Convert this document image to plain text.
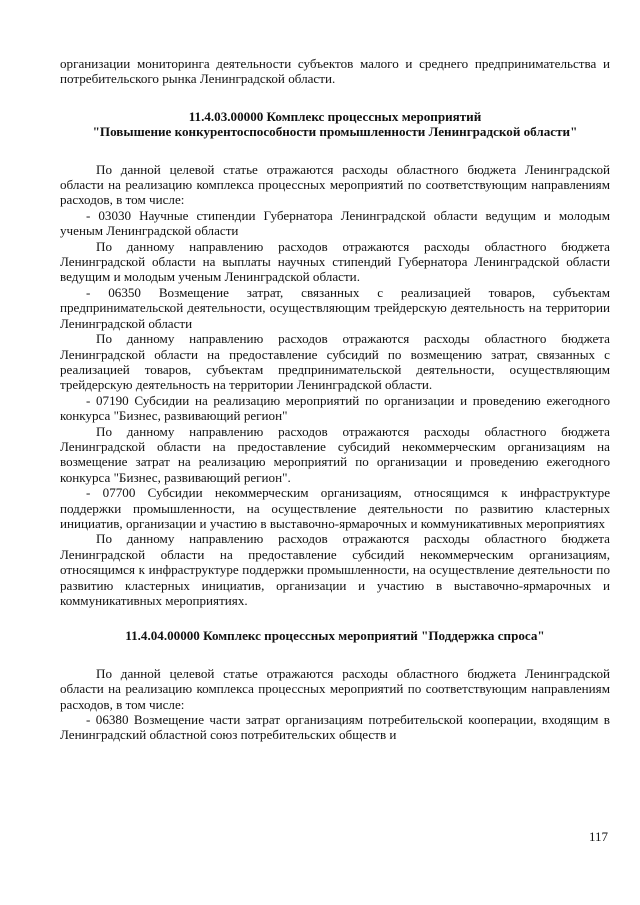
организации мониторинга деятельности субъектов малого и среднего предпринимательства и потребительского рынка Ленинградской области.

11.4.03.00000 Комплекс процессных мероприятий
"Повышение конкурентоспособности промышленности Ленинградской области"

По данной целевой статье отражаются расходы областного бюджета Ленинградской области на реализацию комплекса процессных мероприятий по соответствующим направлениям расходов, в том числе:

- 03030 Научные стипендии Губернатора Ленинградской области ведущим и молодым ученым Ленинградской области

По данному направлению расходов отражаются расходы областного бюджета Ленинградской области на выплаты научных стипендий Губернатора Ленинградской области ведущим и молодым ученым Ленинградской области.

- 06350 Возмещение затрат, связанных с реализацией товаров, субъектам предпринимательской деятельности, осуществляющим трейдерскую деятельность на территории Ленинградской области

По данному направлению расходов отражаются расходы областного бюджета Ленинградской области на предоставление субсидий по возмещению затрат, связанных с реализацией товаров, субъектам предпринимательской деятельности, осуществляющим трейдерскую деятельность на территории Ленинградской области.

- 07190 Субсидии на реализацию мероприятий по организации и проведению ежегодного конкурса "Бизнес, развивающий регион"

По данному направлению расходов отражаются расходы областного бюджета Ленинградской области на предоставление субсидий некоммерческим организациям на возмещение затрат на реализацию мероприятий по организации и проведению ежегодного конкурса "Бизнес, развивающий регион".

- 07700 Субсидии некоммерческим организациям, относящимся к инфраструктуре поддержки промышленности, на осуществление деятельности по развитию кластерных инициатив, организации и участию в выставочно-ярмарочных и коммуникативных мероприятиях

По данному направлению расходов отражаются расходы областного бюджета Ленинградской области на предоставление субсидий некоммерческим организациям, относящимся к инфраструктуре поддержки промышленности, на осуществление деятельности по развитию кластерных инициатив, организации и участию в выставочно-ярмарочных и коммуникативных мероприятиях.

11.4.04.00000 Комплекс процессных мероприятий "Поддержка спроса"

По данной целевой статье отражаются расходы областного бюджета Ленинградской области на реализацию комплекса процессных мероприятий по соответствующим направлениям расходов, в том числе:

- 06380 Возмещение части затрат организациям потребительской кооперации, входящим в Ленинградский областной союз потребительских обществ и

117
